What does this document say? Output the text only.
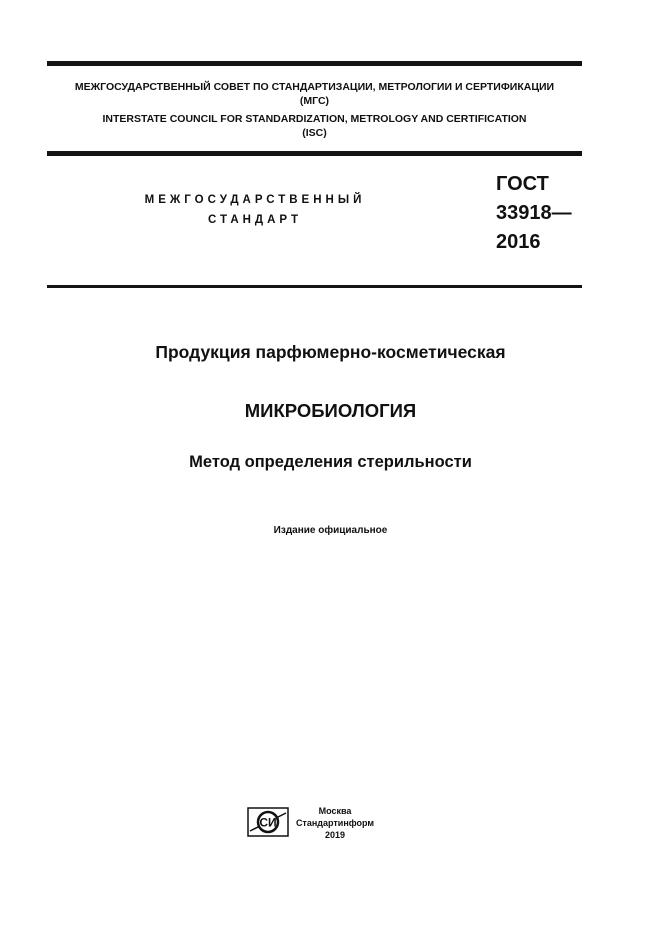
МЕЖГОСУДАРСТВЕННЫЙ СОВЕТ ПО СТАНДАРТИЗАЦИИ, МЕТРОЛОГИИ И СЕРТИФИКАЦИИ
(МГС)
INTERSTATE COUNCIL FOR STANDARDIZATION, METROLOGY AND CERTIFICATION
(ISC)
МЕЖГОСУДАРСТВЕННЫЙ
СТАНДАРТ
ГОСТ
33918—
2016
Продукция парфюмерно-косметическая
МИКРОБИОЛОГИЯ
Метод определения стерильности
Издание официальное
СИ
Москва
Стандартинформ
2019
